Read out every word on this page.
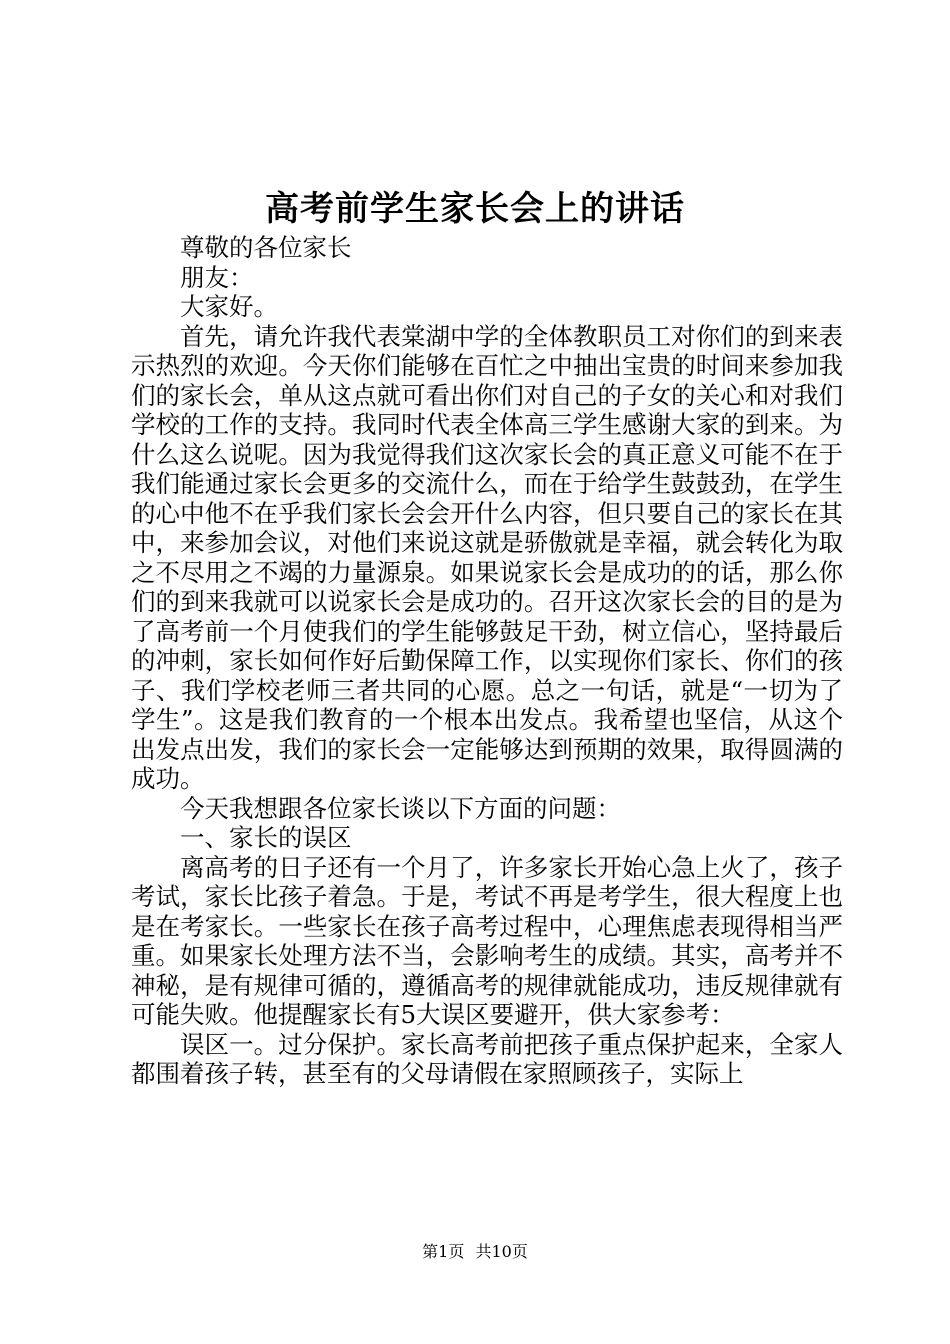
高考前学生家长会上的讲话

尊敬的各位家长

朋友：

大家好。

首先，请允许我代表棠湖中学的全体教职员工对你们的到来表示热烈的欢迎。今天你们能够在百忙之中抽出宝贵的时间来参加我们的家长会，单从这点就可看出你们对自己的子女的关心和对我们学校的工作的支持。我同时代表全体高三学生感谢大家的到来。为什么这么说呢。因为我觉得我们这次家长会的真正意义可能不在于我们能通过家长会更多的交流什么，而在于给学生鼓鼓劲，在学生的心中他不在乎我们家长会会开什么内容，但只要自己的家长在其中，来参加会议，对他们来说这就是骄傲就是幸福，就会转化为取之不尽用之不竭的力量源泉。如果说家长会是成功的的话，那么你们的到来我就可以说家长会是成功的。召开这次家长会的目的是为了高考前一个月使我们的学生能够鼓足干劲，树立信心，坚持最后的冲刺，家长如何作好后勤保障工作，以实现你们家长、你们的孩子、我们学校老师三者共同的心愿。总之一句话，就是“一切为了学生”。这是我们教育的一个根本出发点。我希望也坚信，从这个出发点出发，我们的家长会一定能够达到预期的效果，取得圆满的成功。

今天我想跟各位家长谈以下方面的问题：

一、家长的误区

离高考的日子还有一个月了，许多家长开始心急上火了，孩子考试，家长比孩子着急。于是，考试不再是考学生，很大程度上也是在考家长。一些家长在孩子高考过程中，心理焦虑表现得相当严重。如果家长处理方法不当，会影响考生的成绩。其实，高考并不神秘，是有规律可循的，遵循高考的规律就能成功，违反规律就有可能失败。他提醒家长有5大误区要避开，供大家参考：

误区一。过分保护。家长高考前把孩子重点保护起来，全家人都围着孩子转，甚至有的父母请假在家照顾孩子，实际上

第1页 共10页
